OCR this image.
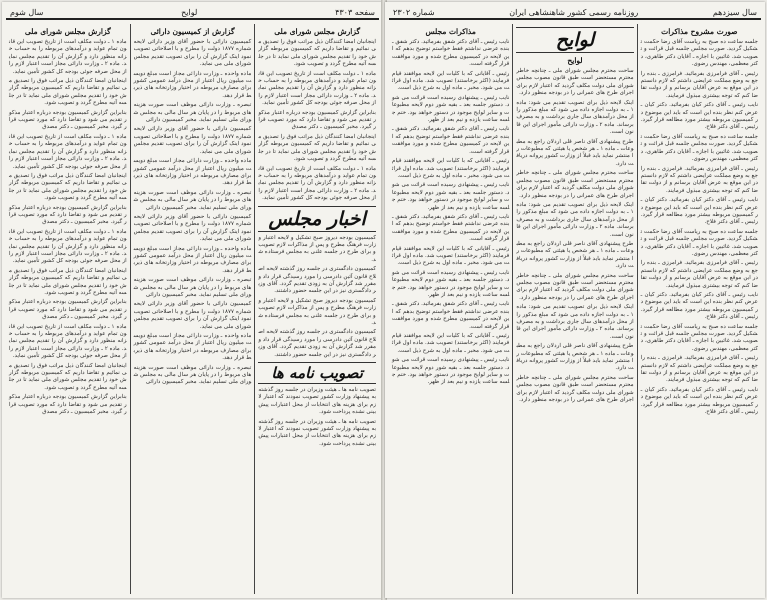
سفحه ۴۳۰۳
لوایح
سال شوم
گزارش مجلس شورای ملی

اینجانبان امضا کنندگان ذیل مراتب فوق را تصدیق می نمائیم و تقاضا داریم که کمیسیون مربوطه گزارش خود را تقدیم مجلس شورای ملی نماید تا در جلسه آتیه مطرح گردد و تصویب شود.

ماده ۱ ـ دولت مکلف است از تاریخ تصویب این قانون تمام عواید و درآمدهای مربوطه را به حساب خزانه منظور دارد و گزارش آن را تقدیم مجلس نماید. ماده ۲ ـ وزارت دارائی مجاز است اعتبار لازم را از محل صرفه جوئی بودجه کل کشور تأمین نماید.

بنابراین گزارش کمیسیون بودجه درباره اعتبار مذکور تقدیم می شود و تقاضا دارد که مورد تصویب قرار گیرد. مخبر کمیسیون ـ دکتر مصدق

اینجانبان امضا کنندگان ذیل مراتب فوق را تصدیق می نمائیم و تقاضا داریم که کمیسیون مربوطه گزارش خود را تقدیم مجلس شورای ملی نماید تا در جلسه آتیه مطرح گردد و تصویب شود.

ماده ۱ ـ دولت مکلف است از تاریخ تصویب این قانون تمام عواید و درآمدهای مربوطه را به حساب خزانه منظور دارد و گزارش آن را تقدیم مجلس نماید. ماده ۲ ـ وزارت دارائی مجاز است اعتبار لازم را از محل صرفه جوئی بودجه کل کشور تأمین نماید.

اخبار مجلس

کمیسیون بودجه دیروز صبح تشکیل و لایحه اعتبار وزارت فرهنگ مطرح و پس از مذاکرات لازم تصویب و برای طرح در جلسه علنی به مجلس فرستاده شد.

کمیسیون دادگستری در جلسه روز گذشته لایحه اصلاح قانون آئین دادرسی را مورد رسیدگی قرار داد و مقرر شد گزارش آن به زودی تقدیم گردد. آقای وزیر دادگستری نیز در این جلسه حضور داشتند.

کمیسیون بودجه دیروز صبح تشکیل و لایحه اعتبار وزارت فرهنگ مطرح و پس از مذاکرات لازم تصویب و برای طرح در جلسه علنی به مجلس فرستاده شد.

کمیسیون دادگستری در جلسه روز گذشته لایحه اصلاح قانون آئین دادرسی را مورد رسیدگی قرار داد و مقرر شد گزارش آن به زودی تقدیم گردد. آقای وزیر دادگستری نیز در این جلسه حضور داشتند.

تصویب نامه ها

تصویب نامه ها ـ هیئت وزیران در جلسه روز گذشته به پیشنهاد وزارت کشور تصویب نمودند که اعتبار لازم برای هزینه های انتخابات از محل اعتبارات پیش بینی نشده پرداخت شود.

تصویب نامه ها ـ هیئت وزیران در جلسه روز گذشته به پیشنهاد وزارت کشور تصویب نمودند که اعتبار لازم برای هزینه های انتخابات از محل اعتبارات پیش بینی نشده پرداخت شود.

گزارش از کمیسیون دارائی

کمیسیون دارائی با حضور آقای وزیر دارائی لایحه شماره ۱۸۷۷ دولت را مطرح و با اصلاحاتی تصویب نمود اینک گزارش آن را برای تصویب تقدیم مجلس شورای ملی می نماید.

ماده واحده ـ وزارت دارائی مجاز است مبلغ دویست میلیون ریال اعتبار از محل درآمد عمومی کشور برای مصارف مربوطه در اختیار وزارتخانه های ذیربط قرار دهد.

تبصره ـ وزارت دارائی موظف است صورت هزینه های مربوط را در پایان هر سال مالی به مجلس شورای ملی تسلیم نماید. مخبر کمیسیون دارائی

کمیسیون دارائی با حضور آقای وزیر دارائی لایحه شماره ۱۸۷۷ دولت را مطرح و با اصلاحاتی تصویب نمود اینک گزارش آن را برای تصویب تقدیم مجلس شورای ملی می نماید.

ماده واحده ـ وزارت دارائی مجاز است مبلغ دویست میلیون ریال اعتبار از محل درآمد عمومی کشور برای مصارف مربوطه در اختیار وزارتخانه های ذیربط قرار دهد.

تبصره ـ وزارت دارائی موظف است صورت هزینه های مربوط را در پایان هر سال مالی به مجلس شورای ملی تسلیم نماید. مخبر کمیسیون دارائی

کمیسیون دارائی با حضور آقای وزیر دارائی لایحه شماره ۱۸۷۷ دولت را مطرح و با اصلاحاتی تصویب نمود اینک گزارش آن را برای تصویب تقدیم مجلس شورای ملی می نماید.

ماده واحده ـ وزارت دارائی مجاز است مبلغ دویست میلیون ریال اعتبار از محل درآمد عمومی کشور برای مصارف مربوطه در اختیار وزارتخانه های ذیربط قرار دهد.

تبصره ـ وزارت دارائی موظف است صورت هزینه های مربوط را در پایان هر سال مالی به مجلس شورای ملی تسلیم نماید. مخبر کمیسیون دارائی

کمیسیون دارائی با حضور آقای وزیر دارائی لایحه شماره ۱۸۷۷ دولت را مطرح و با اصلاحاتی تصویب نمود اینک گزارش آن را برای تصویب تقدیم مجلس شورای ملی می نماید.

ماده واحده ـ وزارت دارائی مجاز است مبلغ دویست میلیون ریال اعتبار از محل درآمد عمومی کشور برای مصارف مربوطه در اختیار وزارتخانه های ذیربط قرار دهد.

تبصره ـ وزارت دارائی موظف است صورت هزینه های مربوط را در پایان هر سال مالی به مجلس شورای ملی تسلیم نماید. مخبر کمیسیون دارائی

گزارش مجلس شورای ملی

ماده ۱ ـ دولت مکلف است از تاریخ تصویب این قانون تمام عواید و درآمدهای مربوطه را به حساب خزانه منظور دارد و گزارش آن را تقدیم مجلس نماید. ماده ۲ ـ وزارت دارائی مجاز است اعتبار لازم را از محل صرفه جوئی بودجه کل کشور تأمین نماید.

اینجانبان امضا کنندگان ذیل مراتب فوق را تصدیق می نمائیم و تقاضا داریم که کمیسیون مربوطه گزارش خود را تقدیم مجلس شورای ملی نماید تا در جلسه آتیه مطرح گردد و تصویب شود.

بنابراین گزارش کمیسیون بودجه درباره اعتبار مذکور تقدیم می شود و تقاضا دارد که مورد تصویب قرار گیرد. مخبر کمیسیون ـ دکتر مصدق

ماده ۱ ـ دولت مکلف است از تاریخ تصویب این قانون تمام عواید و درآمدهای مربوطه را به حساب خزانه منظور دارد و گزارش آن را تقدیم مجلس نماید. ماده ۲ ـ وزارت دارائی مجاز است اعتبار لازم را از محل صرفه جوئی بودجه کل کشور تأمین نماید.

اینجانبان امضا کنندگان ذیل مراتب فوق را تصدیق می نمائیم و تقاضا داریم که کمیسیون مربوطه گزارش خود را تقدیم مجلس شورای ملی نماید تا در جلسه آتیه مطرح گردد و تصویب شود.

بنابراین گزارش کمیسیون بودجه درباره اعتبار مذکور تقدیم می شود و تقاضا دارد که مورد تصویب قرار گیرد. مخبر کمیسیون ـ دکتر مصدق

ماده ۱ ـ دولت مکلف است از تاریخ تصویب این قانون تمام عواید و درآمدهای مربوطه را به حساب خزانه منظور دارد و گزارش آن را تقدیم مجلس نماید. ماده ۲ ـ وزارت دارائی مجاز است اعتبار لازم را از محل صرفه جوئی بودجه کل کشور تأمین نماید.

اینجانبان امضا کنندگان ذیل مراتب فوق را تصدیق می نمائیم و تقاضا داریم که کمیسیون مربوطه گزارش خود را تقدیم مجلس شورای ملی نماید تا در جلسه آتیه مطرح گردد و تصویب شود.

بنابراین گزارش کمیسیون بودجه درباره اعتبار مذکور تقدیم می شود و تقاضا دارد که مورد تصویب قرار گیرد. مخبر کمیسیون ـ دکتر مصدق

ماده ۱ ـ دولت مکلف است از تاریخ تصویب این قانون تمام عواید و درآمدهای مربوطه را به حساب خزانه منظور دارد و گزارش آن را تقدیم مجلس نماید. ماده ۲ ـ وزارت دارائی مجاز است اعتبار لازم را از محل صرفه جوئی بودجه کل کشور تأمین نماید.

اینجانبان امضا کنندگان ذیل مراتب فوق را تصدیق می نمائیم و تقاضا داریم که کمیسیون مربوطه گزارش خود را تقدیم مجلس شورای ملی نماید تا در جلسه آتیه مطرح گردد و تصویب شود.

بنابراین گزارش کمیسیون بودجه درباره اعتبار مذکور تقدیم می شود و تقاضا دارد که مورد تصویب قرار گیرد. مخبر کمیسیون ـ دکتر مصدق

سال سیزدهم
روزنامه رسمی کشور شاهنشاهی ایران
شماره ۲۳۰۲
صورت مشروح مذاکرات

جلسه ساعت ده صبح به ریاست آقای رضا حکمت تشکیل گردید. صورت مجلس جلسه قبل قرائت و تصویب شد. غائبین با اجازه ـ آقایان دکتر طاهری، دکتر معظمی، مهندس رضوی.

رئیس ـ آقای فرامرزی بفرمائید. فرامرزی ـ بنده راجع به وضع مملکت عرایضی داشتم که لازم دانستم در این موقع به عرض آقایان برسانم و از دولت تقاضا کنم که توجه بیشتری مبذول فرمایند.

نایب رئیس ـ آقای دکتر کیان بفرمائید. دکتر کیان ـ عرض کنم نظر بنده این است که باید این موضوع در کمیسیون مربوطه بیشتر مورد مطالعه قرار گیرد. رئیس ـ آقای دکتر فلاح.

جلسه ساعت ده صبح به ریاست آقای رضا حکمت تشکیل گردید. صورت مجلس جلسه قبل قرائت و تصویب شد. غائبین با اجازه ـ آقایان دکتر طاهری، دکتر معظمی، مهندس رضوی.

رئیس ـ آقای فرامرزی بفرمائید. فرامرزی ـ بنده راجع به وضع مملکت عرایضی داشتم که لازم دانستم در این موقع به عرض آقایان برسانم و از دولت تقاضا کنم که توجه بیشتری مبذول فرمایند.

نایب رئیس ـ آقای دکتر کیان بفرمائید. دکتر کیان ـ عرض کنم نظر بنده این است که باید این موضوع در کمیسیون مربوطه بیشتر مورد مطالعه قرار گیرد. رئیس ـ آقای دکتر فلاح.

جلسه ساعت ده صبح به ریاست آقای رضا حکمت تشکیل گردید. صورت مجلس جلسه قبل قرائت و تصویب شد. غائبین با اجازه ـ آقایان دکتر طاهری، دکتر معظمی، مهندس رضوی.

رئیس ـ آقای فرامرزی بفرمائید. فرامرزی ـ بنده راجع به وضع مملکت عرایضی داشتم که لازم دانستم در این موقع به عرض آقایان برسانم و از دولت تقاضا کنم که توجه بیشتری مبذول فرمایند.

نایب رئیس ـ آقای دکتر کیان بفرمائید. دکتر کیان ـ عرض کنم نظر بنده این است که باید این موضوع در کمیسیون مربوطه بیشتر مورد مطالعه قرار گیرد. رئیس ـ آقای دکتر فلاح.

جلسه ساعت ده صبح به ریاست آقای رضا حکمت تشکیل گردید. صورت مجلس جلسه قبل قرائت و تصویب شد. غائبین با اجازه ـ آقایان دکتر طاهری، دکتر معظمی، مهندس رضوی.

رئیس ـ آقای فرامرزی بفرمائید. فرامرزی ـ بنده راجع به وضع مملکت عرایضی داشتم که لازم دانستم در این موقع به عرض آقایان برسانم و از دولت تقاضا کنم که توجه بیشتری مبذول فرمایند.

نایب رئیس ـ آقای دکتر کیان بفرمائید. دکتر کیان ـ عرض کنم نظر بنده این است که باید این موضوع در کمیسیون مربوطه بیشتر مورد مطالعه قرار گیرد. رئیس ـ آقای دکتر فلاح.

لوایح
لوایح

ساحت محترم مجلس شورای ملی ـ چنانچه خاطر محترم مستحضر است طبق قانون مصوب مجلس شورای ملی دولت مکلف گردید که اعتبار لازم برای اجرای طرح های عمرانی را در بودجه منظور دارد.

اینک لایحه ذیل برای تصویب تقدیم می شود: ماده ۱ ـ به دولت اجازه داده می شود که مبلغ مذکور را از محل درآمدهای سال جاری برداشت و به مصرف برساند. ماده ۲ ـ وزارت دارائی مأمور اجرای این قانون است.

طرح پیشنهادی آقای ناصر قلی اردلان راجع به مطبوعات ـ ماده ۱ ـ هر شخص یا هیئتی که مطبوعات را منتشر نماید باید قبلاً از وزارت کشور پروانه دریافت دارد.

ساحت محترم مجلس شورای ملی ـ چنانچه خاطر محترم مستحضر است طبق قانون مصوب مجلس شورای ملی دولت مکلف گردید که اعتبار لازم برای اجرای طرح های عمرانی را در بودجه منظور دارد.

اینک لایحه ذیل برای تصویب تقدیم می شود: ماده ۱ ـ به دولت اجازه داده می شود که مبلغ مذکور را از محل درآمدهای سال جاری برداشت و به مصرف برساند. ماده ۲ ـ وزارت دارائی مأمور اجرای این قانون است.

طرح پیشنهادی آقای ناصر قلی اردلان راجع به مطبوعات ـ ماده ۱ ـ هر شخص یا هیئتی که مطبوعات را منتشر نماید باید قبلاً از وزارت کشور پروانه دریافت دارد.

ساحت محترم مجلس شورای ملی ـ چنانچه خاطر محترم مستحضر است طبق قانون مصوب مجلس شورای ملی دولت مکلف گردید که اعتبار لازم برای اجرای طرح های عمرانی را در بودجه منظور دارد.

اینک لایحه ذیل برای تصویب تقدیم می شود: ماده ۱ ـ به دولت اجازه داده می شود که مبلغ مذکور را از محل درآمدهای سال جاری برداشت و به مصرف برساند. ماده ۲ ـ وزارت دارائی مأمور اجرای این قانون است.

طرح پیشنهادی آقای ناصر قلی اردلان راجع به مطبوعات ـ ماده ۱ ـ هر شخص یا هیئتی که مطبوعات را منتشر نماید باید قبلاً از وزارت کشور پروانه دریافت دارد.

ساحت محترم مجلس شورای ملی ـ چنانچه خاطر محترم مستحضر است طبق قانون مصوب مجلس شورای ملی دولت مکلف گردید که اعتبار لازم برای اجرای طرح های عمرانی را در بودجه منظور دارد.

مذاکرات مجلس

نایب رئیس ـ آقای دکتر شفق بفرمائید. دکتر شفق ـ بنده عرضی نداشتم فقط خواستم توضیح بدهم که این لایحه در کمیسیون مطرح شده و مورد موافقت قرار گرفته است.

رئیس ـ آقایانی که با کلیات این لایحه موافقند قیام فرمایند (اکثر برخاستند) تصویب شد. ماده اول قرائت می شود. مخبر ـ ماده اول به شرح ذیل است.

نایب رئیس ـ پیشنهادی رسیده است قرائت می شود. دستور جلسه بعد ـ بقیه شور دوم لایحه مطبوعات و سایر لوایح موجود در دستور خواهد بود. ختم جلسه ساعت یازده و نیم بعد از ظهر.

نایب رئیس ـ آقای دکتر شفق بفرمائید. دکتر شفق ـ بنده عرضی نداشتم فقط خواستم توضیح بدهم که این لایحه در کمیسیون مطرح شده و مورد موافقت قرار گرفته است.

رئیس ـ آقایانی که با کلیات این لایحه موافقند قیام فرمایند (اکثر برخاستند) تصویب شد. ماده اول قرائت می شود. مخبر ـ ماده اول به شرح ذیل است.

نایب رئیس ـ پیشنهادی رسیده است قرائت می شود. دستور جلسه بعد ـ بقیه شور دوم لایحه مطبوعات و سایر لوایح موجود در دستور خواهد بود. ختم جلسه ساعت یازده و نیم بعد از ظهر.

نایب رئیس ـ آقای دکتر شفق بفرمائید. دکتر شفق ـ بنده عرضی نداشتم فقط خواستم توضیح بدهم که این لایحه در کمیسیون مطرح شده و مورد موافقت قرار گرفته است.

رئیس ـ آقایانی که با کلیات این لایحه موافقند قیام فرمایند (اکثر برخاستند) تصویب شد. ماده اول قرائت می شود. مخبر ـ ماده اول به شرح ذیل است.

نایب رئیس ـ پیشنهادی رسیده است قرائت می شود. دستور جلسه بعد ـ بقیه شور دوم لایحه مطبوعات و سایر لوایح موجود در دستور خواهد بود. ختم جلسه ساعت یازده و نیم بعد از ظهر.

نایب رئیس ـ آقای دکتر شفق بفرمائید. دکتر شفق ـ بنده عرضی نداشتم فقط خواستم توضیح بدهم که این لایحه در کمیسیون مطرح شده و مورد موافقت قرار گرفته است.

رئیس ـ آقایانی که با کلیات این لایحه موافقند قیام فرمایند (اکثر برخاستند) تصویب شد. ماده اول قرائت می شود. مخبر ـ ماده اول به شرح ذیل است.

نایب رئیس ـ پیشنهادی رسیده است قرائت می شود. دستور جلسه بعد ـ بقیه شور دوم لایحه مطبوعات و سایر لوایح موجود در دستور خواهد بود. ختم جلسه ساعت یازده و نیم بعد از ظهر.
